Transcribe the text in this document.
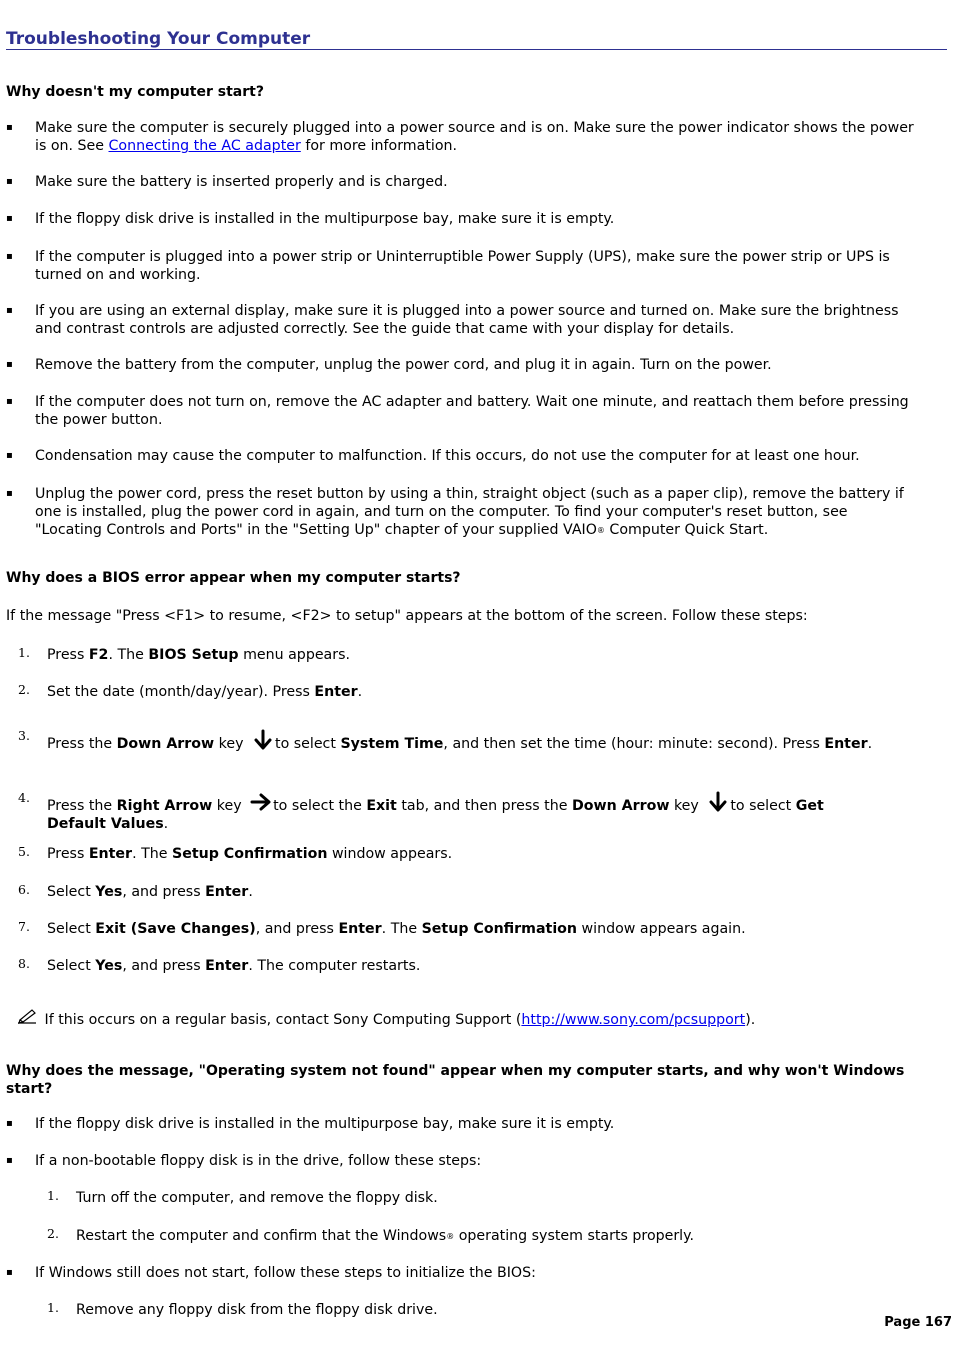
Troubleshooting Your Computer
Why doesn't my computer start?
▪ Make sure the computer is securely plugged into a power source and is on. Make sure the power indicator shows the power is on. See Connecting the AC adapter for more information.
▪ Make sure the battery is inserted properly and is charged.
▪ If the floppy disk drive is installed in the multipurpose bay, make sure it is empty.
▪ If the computer is plugged into a power strip or Uninterruptible Power Supply (UPS), make sure the power strip or UPS is turned on and working.
▪ If you are using an external display, make sure it is plugged into a power source and turned on. Make sure the brightness and contrast controls are adjusted correctly. See the guide that came with your display for details.
▪ Remove the battery from the computer, unplug the power cord, and plug it in again. Turn on the power.
▪ If the computer does not turn on, remove the AC adapter and battery. Wait one minute, and reattach them before pressing the power button.
▪ Condensation may cause the computer to malfunction. If this occurs, do not use the computer for at least one hour.
▪ Unplug the power cord, press the reset button by using a thin, straight object (such as a paper clip), remove the battery if one is installed, plug the power cord in again, and turn on the computer. To find your computer's reset button, see "Locating Controls and Ports" in the "Setting Up" chapter of your supplied VAIO® Computer Quick Start.
Why does a BIOS error appear when my computer starts?
If the message "Press <F1> to resume, <F2> to setup" appears at the bottom of the screen. Follow these steps:
1. Press F2. The BIOS Setup menu appears.
2. Set the date (month/day/year). Press Enter.
3.
Press the Down Arrow key to select System Time, and then set the time (hour: minute: second). Press Enter.
4.
Press the Right Arrow key to select the Exit tab, and then press the Down Arrow key to select Get Default Values.
5. Press Enter. The Setup Confirmation window appears.
6. Select Yes, and press Enter.
7. Select Exit (Save Changes), and press Enter. The Setup Confirmation window appears again.
8. Select Yes, and press Enter. The computer restarts.
If this occurs on a regular basis, contact Sony Computing Support (http://www.sony.com/pcsupport).
Why does the message, "Operating system not found" appear when my computer starts, and why won't Windows start?
▪ If the floppy disk drive is installed in the multipurpose bay, make sure it is empty.
▪ If a non-bootable floppy disk is in the drive, follow these steps:
1. Turn off the computer, and remove the floppy disk.
2. Restart the computer and confirm that the Windows® operating system starts properly.
▪ If Windows still does not start, follow these steps to initialize the BIOS:
1. Remove any floppy disk from the floppy disk drive.
Page 167
